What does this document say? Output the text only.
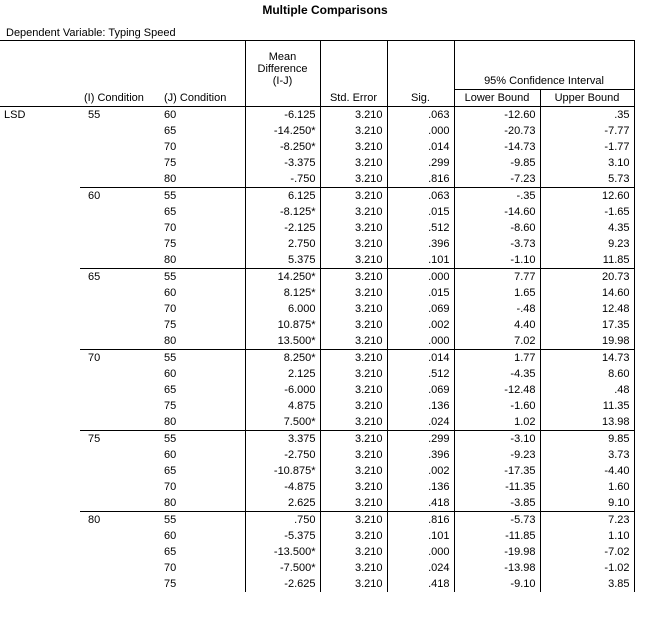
Multiple Comparisons
Dependent Variable: Typing Speed

			Mean
Difference
(I-J)			95% Confidence Interval	
	(I) Condition	(J) Condition		Std. Error	Sig.	Lower Bound	Upper Bound
LSD	55	60	-6.125	3.210	.063	-12.60	.35
		65	-14.250*	3.210	.000	-20.73	-7.77
		70	-8.250*	3.210	.014	-14.73	-1.77
		75	-3.375	3.210	.299	-9.85	3.10
		80	-.750	3.210	.816	-7.23	5.73
	60	55	6.125	3.210	.063	-.35	12.60
		65	-8.125*	3.210	.015	-14.60	-1.65
		70	-2.125	3.210	.512	-8.60	4.35
		75	2.750	3.210	.396	-3.73	9.23
		80	5.375	3.210	.101	-1.10	11.85
	65	55	14.250*	3.210	.000	7.77	20.73
		60	8.125*	3.210	.015	1.65	14.60
		70	6.000	3.210	.069	-.48	12.48
		75	10.875*	3.210	.002	4.40	17.35
		80	13.500*	3.210	.000	7.02	19.98
	70	55	8.250*	3.210	.014	1.77	14.73
		60	2.125	3.210	.512	-4.35	8.60
		65	-6.000	3.210	.069	-12.48	.48
		75	4.875	3.210	.136	-1.60	11.35
		80	7.500*	3.210	.024	1.02	13.98
	75	55	3.375	3.210	.299	-3.10	9.85
		60	-2.750	3.210	.396	-9.23	3.73
		65	-10.875*	3.210	.002	-17.35	-4.40
		70	-4.875	3.210	.136	-11.35	1.60
		80	2.625	3.210	.418	-3.85	9.10
	80	55	.750	3.210	.816	-5.73	7.23
		60	-5.375	3.210	.101	-11.85	1.10
		65	-13.500*	3.210	.000	-19.98	-7.02
		70	-7.500*	3.210	.024	-13.98	-1.02
		75	-2.625	3.210	.418	-9.10	3.85
